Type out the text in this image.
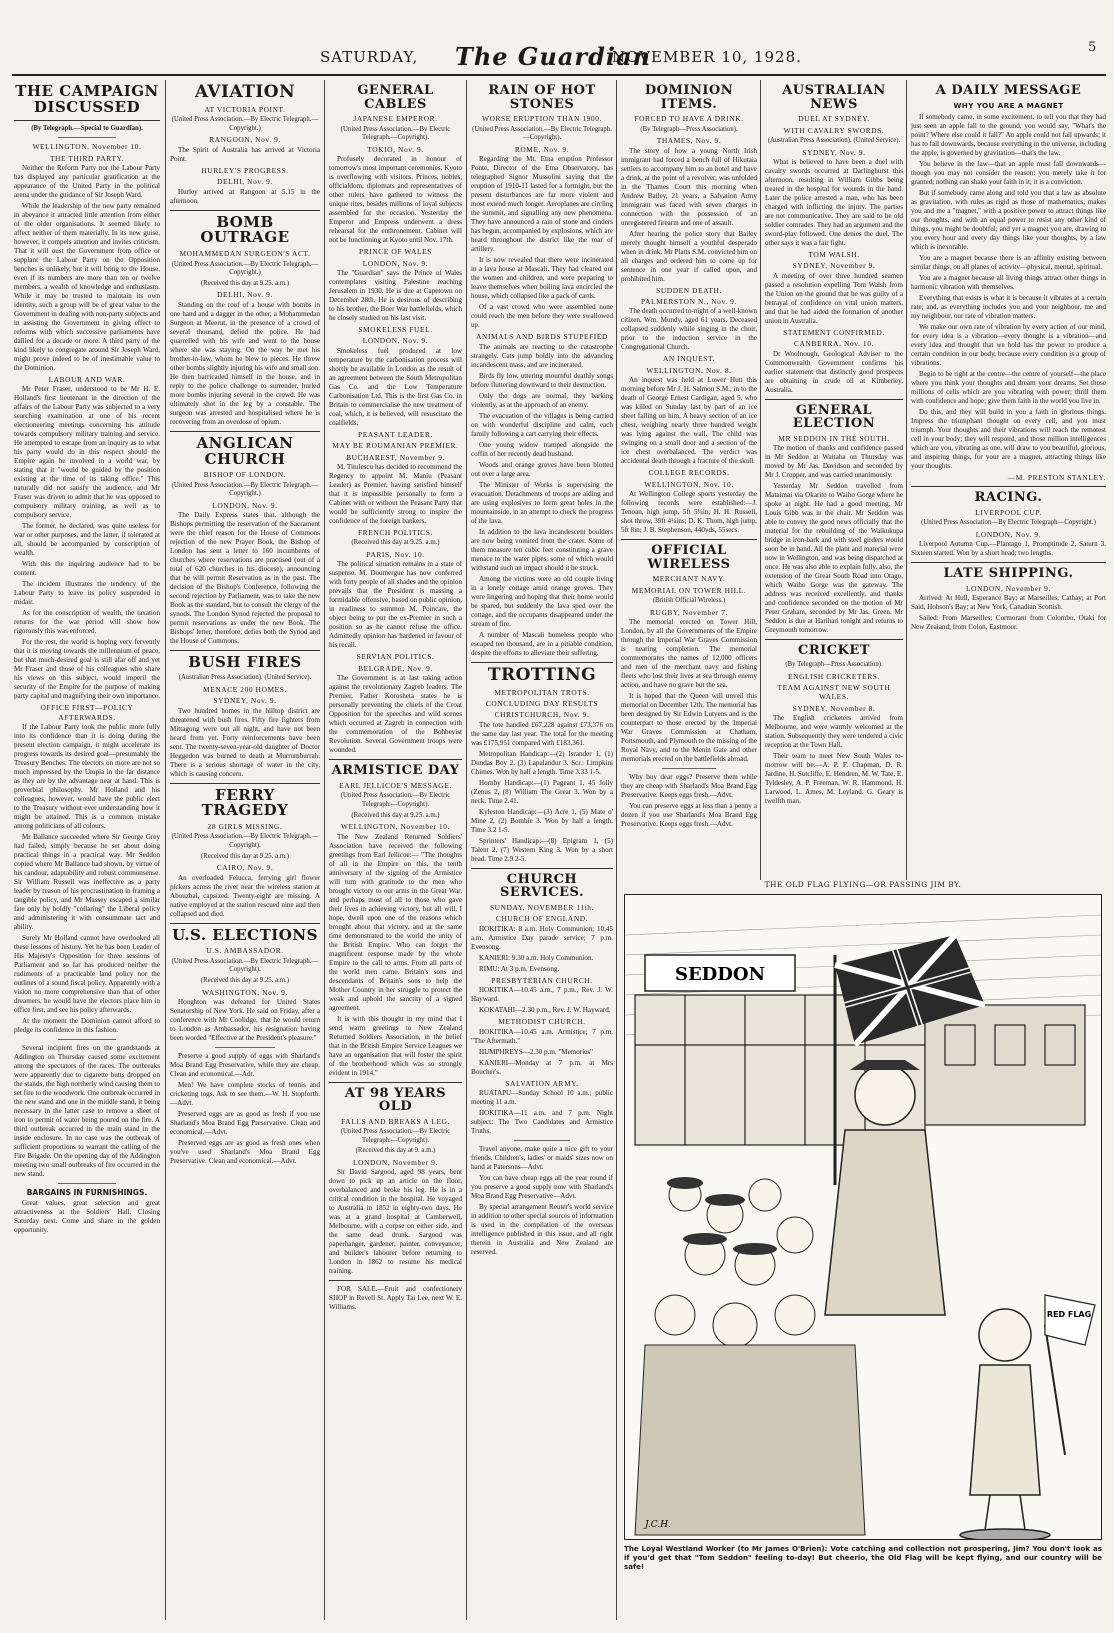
SATURDAY, The Guardian
NOVEMBER 10, 1928.
5
THE CAMPAIGN DISCUSSED
(By Telegraph.—Special to Guardian).
WELLINGTON, November 10.
THE THIRD PARTY.

Neither the Reform Party nor the Labour Party has displayed any particular gratification at the appearance of the United Party in the political arena under the guidance of Sir Joseph Ward.

While the leadership of the new party remained in abeyance it attracted little attention from either of the older organisations. It seemed likely to affect neither of them materially. In its new guise, however, it compels attention and invites criticism. That it will oust the Government from office or supplant the Labour Party on the Opposition benches is unlikely, but it will bring to the House, even if its numbers are more than ten or twelve members, a wealth of knowledge and enthusiasm. While it may be trusted to maintain its own identity, such a group will be of great value to the Government in dealing with non-party subjects and in assisting the Government in giving effect to reforms with which successive parliaments have dallied for a decade or more. A third party of the kind likely to congregate around Sir Joseph Ward, might prove indeed to be of inestimable value to the Dominion.

LABOUR AND WAR.

Mr Peter Fraser, understood to be Mr H. E. Holland's first lieutenant in the direction of the affairs of the Labour Party was subjected to a very searching examination at one of his recent electioneering meetings concerning his attitude towards compulsory military training and service. He attempted to escape from an inquiry as to what his party would do in this respect should the Empire again be involved in a world war, by stating that it "would be guided by the position existing at the time of its taking office." This naturally did not satisfy the audience, and Mr Fraser was driven to admit that he was opposed to compulsory military training, as well as to compulsory service.

The former, he declared, was quite useless for war or other purposes, and the latter, if tolerated at all, should be accompanied by conscription of wealth.

With this the inquiring audience had to be content.

The incident illustrates the tendency of the Labour Party to leave its policy suspended in midair.

As for the conscription of wealth, the taxation returns for the war period will show how rigorously this was enforced.

For the rest, the world is hoping very fervently that it is moving towards the millennium of peace, but that much-desired goal is still afar off and yet Mr Fraser and those of his colleagues who share his views on this subject, would imperil the security of the Empire for the purpose of making party capital and magnifying their own importance.

OFFICE FIRST—POLICY AFTERWARDS.

If the Labour Party took the public more fully into its confidence than it is doing during the present election campaign, it might accelerate its progress towards its desired goal—presumably the Treasury Benches. The electors on more are not so much impressed by the Utopia in the far distance as they are by the advantage near at hand. This is proverbial philosophy. Mr Holland and his colleagues, however, would have the public elect to the Treasury without ever understanding how it might be attained. This is a common mistake among politicians of all colours.

Mr Ballance succeeded where Sir George Grey had failed, simply because he set about doing practical things in a practical way. Mr Seddon copied where Mr Ballance had shown, by virtue of his candour, adaptability and robust commonsense. Sir William Russell was ineffective as a party leader by reason of his procrastination in framing a tangible policy, and Mr Massey escaped a similar fate only by boldly "collaring" the Liberal policy and administering it with consummate tact and ability.

Surely Mr Holland cannot have overlooked all these lessons of history. Yet he has been Leader of His Majesty's Opposition for three sessions of Parliament and so far has produced neither the rudiments of a practicable land policy nor the outlines of a sound fiscal policy. Apparently with a vision no more comprehensive than that of other dreamers, he would have the electors place him in office first, and see his policy afterwards.

At the moment the Dominion cannot afford to pledge its confidence in this fashion.

Several incipient fires on the grandstands at Addington on Thursday caused some excitement among the spectators of the races. The outbreaks were apparently due to cigarette butts dropped on the stands, the high northerly wind causing them to set fire to the woodwork. One outbreak occurred in the new stand and one in the middle stand, it being necessary in the latter case to remove a sheet of iron to permit of water being poured on the fire. A third outbreak occurred in the main stand in the inside enclosure. In no case was the outbreak of sufficient proportions to warrant the calling of the Fire Brigade. On the opening day of the Addington meeting two small outbreaks of fire occurred in the new stand.

BARGAINS IN FURNISHINGS.

Great values, great selection and great attractiveness at the Soldiers' Hall. Closing Saturday next. Come and share in the golden opportunity.

AVIATION
AT VICTORIA POINT.
(United Press Association.—By Electric Telegraph.—Copyright.)
RANGOON, Nov. 9.

The Spirit of Australia has arrived at Victoria Point.

HURLEY'S PROGRESS.
DELHI, Nov. 9.

Hurley arrived at Rangoon at 5.15 in the afternoon.

BOMB OUTRAGE
MOHAMMEDAN SURGEON'S ACT.
(United Press Association.—By Electric Telegraph.—Copyright.)
(Received this day at 9.25. a.m.)
DELHI, Nov. 9.

Standing on the roof of a house with bombs in one hand and a dagger in the other, a Mohammedan Surgeon at Meerut, in the presence of a crowd of several thousand, defied the police. He had quarrelled with his wife and went to the house where she was staying. On the way he met his brother-in-law, whom he blew to pieces. He threw other bombs slightly injuring his wife and small son. He then barricaded himself in the house, and in reply to the police challenge to surrender, hurled more bombs injuring several in the crowd. He was ultimately shot in the leg by a constable. The surgeon was arrested and hospitalised where he is recovering from an overdose of opium.

ANGLICAN CHURCH
BISHOP OF LONDON.
(United Press Association.—By Electric Telegraph.—Copyright.)
LONDON, Nov. 9.

The Daily Express states that, although the Bishops permitting the reservation of the Sacrament were the chief reason for the House of Commons rejection of the new Prayer Book, the Bishop of London has sent a letter to 160 incumbents of churches where reservations are practised (out of a total of 620 churches in his diocese), announcing that he will permit Reservation as in the past. The decision of the Bishop's Conference, following the second rejection by Parliament, was to take the new Book as the standard, but to consult the clergy of the synods. The London Synod rejected the proposal to permit reservations as under the new Book. The Bishops' letter, therefore, defies both the Synod and the House of Commons.

BUSH FIRES
(Australian Press Association). (United Service).
MENACE 200 HOMES.
SYDNEY, Nov. 9.

Two hundred homes in the hilltop district are threatened with bush fires. Fifty fire fighters from Mittagong were out all night, and have not been heard from yet. Forty reinforcements have been sent. The twenty-seven-year-old daughter of Doctor Heggedon was burned to death at Murrumburrah. There is a serious shortage of water in the city, which is causing concern.

FERRY TRAGEDY
28 GIRLS MISSING.
(United Press Association.—By Electric Telegraph.—Copyright).
(Received this day at 9.25. a.m.)
CAIRO, Nov. 9.

An overloaded Felucca, ferrying girl flower pickers across the river near the wireless station at Abouzbal, capsized. Twenty-eight are missing. A native employed at the station rescued nine and then collapsed and died.

U.S. ELECTIONS
U.S. AMBASSADOR.
(United Press Association.—By Electric Telegraph.—Copyright).
(Received this day at 9.25. a.m.)
WASHINGTON, Nov. 9.

Houghton was defeated for United States Senatorship of New York. He said on Friday, after a conference with Mr Coolidge, that he would return to London as Ambassador, his resignation having been worded "Effective at the President's pleasure."

Preserve a good supply of eggs with Sharland's Moa Brand Egg Preservative, while they are cheap. Clean and economical.—Adt.

Men! We have complete stocks of tennis and cricketing togs. Ask to see them.—W. H. Stopforth.—Advt.

Preserved eggs are as good as fresh if you use Sharland's Moa Brand Egg Preservative. Clean and economical.—Advt.

Preserved eggs are as good as fresh ones when you've used Sharland's Moa Brand Egg Preservative. Clean and economical.—Advt.

GENERAL CABLES
JAPANESE EMPEROR.
(United Press Association.—By Electric Telegraph.—Copyright).
TOKIO, Nov. 9.

Profusely decorated in honour of tomorrow's most important ceremonies, Kyoto is overflowing with visitors. Princes, nobles, officialdom, diplomats and representatives of other rulers have gathered to witness the unique rites, besides millions of loyal subjects assembled for the occasion. Yesterday the Emperor and Empress underwent a dress rehearsal for the enthronement. Cabinet will not be functioning at Kyoto until Nov. 17th.

PRINCE OF WALES
LONDON, Nov. 9.

The "Guardian" says the Prince of Wales contemplates visiting Palestine reaching Jerusalem in 1930. He is due at Capetown on December 28th. He is desirous of describing to his brother, the Boer War battlefields, which he closely studied on his last visit.

SMOKELESS FUEL.
LONDON, Nov. 9.

Smokeless fuel produced at low temperature by the carbonisation process will shortly be available in London as the result of an agreement between the South Metropolitan Gas Co. and the Low Temperature Carbonisation Ltd. This is the first Gas Co. in Britain to commercialise the new treatment of coal, which, it is believed, will resuscitate the coalfields.

PEASANT LEADER.
MAY BE ROUMANIAN PREMIER.
BUCHAREST, November 9.

M. Titulescu has decided to recommend the Regency to appoint M. Maniu (Peasant Leader) as Premier, having satisfied himself that it is impossible personally to form a Cabinet with or without the Peasant Party that would be sufficiently strong to inspire the confidence of the foreign bankers.

FRENCH POLITICS.
(Received this day at 9.25. a.m.)
PARIS, Nov. 10.

The political situation remains in a state of suspense. M. Doumergue has now conferred with forty people of all shades and the opinion prevails that the President is massing a formidable offensive, based on public opinion, in readiness to summon M. Poincare, the object being to put the ex-Premier in such a position so as he cannot refuse the office. Admittedly opinion has hardened in favour of his recall.

SERVIAN POLITICS.
BELGRADE, Nov. 9.

The Government is at last taking action against the revolutionary Zagreb leaders. The Premier, Father Korosheta states he is personally preventing the chiefs of the Croat Opposition for the speeches and wild scenes which occurred at Zagreb in connection with the commemoration of the Bohbevist Revolution. Several Government troops were wounded.

ARMISTICE DAY
EARL JELLICOE'S MESSAGE.
(United Press Association.—By Electric Telegraph.—Copyright).
(Received this day at 9.25. a.m.)
WELLINGTON, November 10.

The New Zealand Returned Soldiers' Association have received the following greetings from Earl Jellicoe:— "The thoughts of all in the Empire on this, the tenth anniversary of the signing of the Armistice will turn with gratitude to the men who brought victory to our arms in the Great War, and perhaps most of all to those who gave their lives in achieving victory, but all will, I hope, dwell upon one of the reasons which brought about that victory, and at the same time demonstrated to the world the unity of the British Empire. Who can forget the magnificent response made by the whole Empire to the call to arms. From all parts of the world men came. Britain's sons and descendants of Britain's sons to help the Mother Country in her struggle to protect the weak and uphold the sanctity of a signed agreement.

It is with this thought in my mind that I send warm greetings to New Zealand Returned Soldiers Association, in the belief that in the British Empire Service Leagues we have an organisation that will foster the spirit of the brotherhood which was so strongly evident in 1914."

AT 98 YEARS OLD
FALLS AND BREAKS A LEG.
(United Press Association.—By Electric Telegraph.—Copyright).
(Received this day at 9. a.m.)
LONDON, November 9.

Sir David Sargood, aged 98 years, bent down to pick up an article on the floor, overbalanced and broke his leg. He is in a critical condition in the hospital. He voyaged to Australia in 1852 in eighty-two days. He was at a grand hospital at Camberwell, Melbourne, with a corpse on either side, and the same dead drunk. Sargood was paperhanger, gardener, painter, conveyancer, and builder's labourer before returning to London in 1862 to resume his medical training.

FOR SALE.—Fruit and confectionery SHOP in Revell St. Apply Tai Lee, next W. E. Williams.

RAIN OF HOT STONES
WORSE ERUPTION THAN 1900.
(United Press Association.—By Electric Telegraph.—Copyright).
ROME, Nov. 9.

Regarding the Mt. Etna eruption Professor Ponte, Director of the Etna Observatory, has telegraphed Signor Mussolini saying that the eruption of 1910-11 lasted for a fortnight, but the present disturbances are far more violent and most extend much longer. Aeroplanes are circling the summit, and signalling any new phenomena. They have announced a rain of stone and cinders has begun, accompanied by explosions, which are heard throughout the district like the roar of artillery.

It is now revealed that there were incinerated in a lava house at Mascali. They had cleared out the women and children, and were preparing to leave themselves when boiling lava encircled the house, which collapsed like a pack of cards.

Of a vast crowd who were assembled none could reach the men before they were swallowed up.

ANIMALS AND BIRDS STUPEFIED

The animals are reacting to the catastrophe strangely. Cats jump boldly into the advancing incandescent mass, and are incinerated.

Birds fly low, uttering mournful deathly songs before fluttering downward to their destruction.

Only the dogs are normal, they barking violently, as at the approach of an enemy.

The evacuation of the villages is being carried on with wonderful discipline and calm, each family following a cart carrying their effects.

One young widow tramped alongside the coffin of her recently dead husband.

Woods and orange groves have been blotted out over a large area.

The Minister of Works is supervising the evacuation. Detachments of troops are aiding and are using explosives to form great holes in the mountainside, in an attempt to check the progress of the lava.

In addition to the lava incandescent boulders are now being vomited from the crater. Some of them measure ten cubic feet constituting a grave menace to the water pipes, some of which would withstand such an impact should it be struck.

Among the victims were an old couple living in a lonely cottage amid orange groves. They were lingering and hoping that their home would be spared, but suddenly the lava sped over the cottage, and the occupants disappeared under the stream of fire.

A number of Mascali homeless people who escaped ten thousand, are in a pitiable condition, despite the efforts to alleviate their suffering.

TROTTING
METROPOLITAN TROTS.
CONCLUDING DAY RESULTS
CHRISTCHURCH, Nov. 9.

The tote handled £67,228 against £73,376 on the same day last year. The total for the meeting was £175,951 compared with £183,361.

Metropolitan Handicap:—(2) Isrander 1, (1) Dundas Boy 2, (3) Lapalandur 3. Scr.: Limpkini Chimes. Won by half a length. Time 3.33 1-5.

Hornby Handicap:—(1) Pageant 1, 45 Jolly (Zenus 2, (8) William The Great 3. Won by a neck. Time 2.41.

Kyleston Handicap:—(3) Acre 1, (5) Mate o' Mine 2, (2) Bombie 3. Won by half a length. Time 3.2 1-5.

Sprinters' Handicap:—(8) Epigram 1, (5) Talent 2, (7) Western King 3. Won by a short head. Time 2.9 2-5.

CHURCH SERVICES.
SUNDAY, NOVEMBER 11th.
CHURCH OF ENGLAND.

HOKITIKA: 8 a.m. Holy Communion; 10.45 a.m. Armistice Day parade service; 7 p.m. Evensong.

KANIERI: 9.30 a.m. Holy Communion.

RIMU: At 3 p.m. Evensong.

PRESBYTERIAN CHURCH.

HOKITIKA—10.45 a.m., 7 p.m., Rev. J. W. Hayward.

KOKATAHI—2.30 p.m., Rev. J. W. Hayward.

METHODIST CHURCH.

HOKITIKA—10.45 a.m. Armistice; 7 p.m. "The Aftermath."

HUMPHREYS—2.30 p.m. "Memories"

KANIERI—Monday at 7 p.m. at Mrs Boucher's.

SALVATION ARMY.

RUATAPU—Sunday School 10 a.m.; public meeting 11 a.m.

HOKITIKA—11 a.m. and 7 p.m. Night subject: The Two Candidates and Armistice Truths.

Travel anyone, make quite a nice gift to your friends. Children's, ladies' or maids' sizes now on hand at Patersons—Advt.

You can have cheap eggs all the year round if you preserve a good supply now with Sharland's Moa Brand Egg Preservative—Advt.

By special arrangement Reuter's world service in addition to other special sources of information is used in the compilation of the overseas intelligence published in this issue, and all right therein in Australia and New Zealand are reserved.

DOMINION ITEMS.
FORCED TO HAVE A DRINK.
(By Telegraph—Press Association).
THAMES, Nov. 9.

The story of how a young North Irish immigrant had forced a bench full of Hikutaia settlers to accompany him to an hotel and have a drink, at the point of a revolver, was unfolded in the Thames Court this morning when Andrew Bailey, 21 years, a Salvation Army immigrant was faced with seven charges in connection with the possession of an unregistered firearm and one of assault.

After hearing the police story that Bailey merely thought himself a youthful desperado when in drink, Mr Platts S.M. convicted him on all charges and ordered him to come up for sentence in one year if called upon, and prohibited him.

SUDDEN DEATH.
PALMERSTON N., Nov. 9.

The death occurred to-night of a well-known citizen, Wm. Mundy, aged 61 years. Deceased collapsed suddenly while singing in the choir, prior to the induction service in the Congregational Church.

AN INQUEST.
WELLINGTON, Nov. 8.

An inquest was held at Lower Hutt this morning before Mr J. H. Salmon S.M., in to the death of George Ernest Cardigan, aged 5, who was killed on Sunday last by part of an ice sheet falling on him. A heavy section of an ice chest, weighing nearly three hundred weight was lying against the wall. The child was swinging on a small door and a section of the ice chest overbalanced. The verdict was accidental death through a fracture of the skull.

COLLEGE RECORDS.
WELLINGTON, Nov. 10.

At Wellington College sports yesterday the following records were established:—J. Tenoan, high jump, 5ft 5¼in; H. H. Russell, shot throw, 39ft 4¼ins; D. K. Thom, high jump, 5ft 8in; J. B. Stephenson, 440yds, 55secs.

OFFICIAL WIRELESS
MERCHANT NAVY.
MEMORIAL ON TOWER HILL.
(British Official Wireless.)
RUGBY, November 7.

The memorial erected on Tower Hill, London, by all the Governments of the Empire through the Imperial War Graves Commission is nearing completion. The memorial commemorates the names of 12,000 officers and men of the merchant navy and fishing fleets who lost their lives at sea through enemy action, and have no grave but the sea.

It is hoped that the Queen will unveil this memorial on December 12th. The memorial has been designed by Sir Edwin Lutyens and is the counterpart to those erected by the Imperial War Graves Commission at Chatham, Portsmouth, and Plymouth to the missing of the Royal Navy, and to the Menin Gate and other memorials erected on the battlefields abroad.

Why buy dear eggs? Preserve them while they are cheap with Sharland's Moa Brand Egg Preservative. Keeps eggs fresh.—Advt.

You can preserve eggs at less than a penny a dozen if you use Sharland's Moa Brand Egg Preservative. Keeps eggs fresh.—Advt.

AUSTRALIAN NEWS
DUEL AT SYDNEY.
WITH CAVALRY SWORDS.
(Australian Press Association). (United Service).
SYDNEY, Nov. 9.

What is believed to have been a duel with cavalry swords occurred at Darlinghurst this afternoon, resulting in William Gibbs being treated in the hospital for wounds in the hand. Later the police arrested a man, who has been charged with inflicting the injury. The parties are not communicative. They are said to be old soldier comrades. They had an argument and the sword-play followed. One denies the duel. The other says it was a fair fight.

TOM WALSH.
SYDNEY, November 9.

A meeting of over three hundred seamen passed a resolution expelling Tom Walsh from the Union on the ground that he was guilty of a betrayal of confidence on vital union matters, and that he had aided the formation of another union in Australia.

STATEMENT CONFIRMED.
CANBERRA, Nov. 10.

Dr Woolnough, Geological Adviser to the Commonwealth Government confirms his earlier statement that distinctly good prospects are obtaining in crude oil at Kimberley, Australia.

GENERAL ELECTION
MR SEDDON IN THE SOUTH.

The motion of thanks and confidence passed in Mr Seddon at Waitaha on Thursday was moved by Mr Jas. Davidson and seconded by Mr J. Cropper, and was carried unanimously.

Yesterday Mr Seddon travelled from Mataimai via Okarito to Waiho Gorge where he spoke at night. He had a good meeting. Mr Louis Gibb was in the chair. Mr Seddon was able to convey the good news officially that the material for the rebuilding of the Waikukupa bridge in iron-bark and with steel girders would soon be in hand. All the plant and material were now in Wellington, and was being dispatched at once. He was also able to explain fully, also, the extension of the Great South Road into Otago, which Waiho Gorge was the gateway. The address was received excellently, and thanks and confidence seconded on the motion of Mr Peter Graham, seconded by Mr Jas. Green. Mr Seddon is due at Harihari tonight and returns to Greymouth tomorrow.

CRICKET
(By Telegraph—Press Association).
ENGLISH CRICKETERS.
TEAM AGAINST NEW SOUTH WALES.
SYDNEY, November 8.

The English cricketers arrived from Melbourne, and were warmly welcomed at the station. Subsequently they were tendered a civic reception at the Town Hall.

Their team to meet New South Wales to-morrow will be:—A. P. F. Chapman, D. R. Jardine, H. Sutcliffe, E. Hendren, M. W. Tate, E. Tyldesley, A. P. Freeman, W. R. Hammond, H. Larwood, L. Ames, M. Leyland. G. Geary is twelfth man.

A DAILY MESSAGE
WHY YOU ARE A MAGNET

If somebody came, in some excitement, to tell you that they had just seen an apple fall to the ground, you would say, "What's the point? Where else could it fall?" An apple could not fall upwards; it has to fall downwards, because everything in the universe, including the apple, is governed by gravitation—that's the law.

You believe in the law—that an apple must fall downwards—though you may not consider the reason; you merely take it for granted; nothing can shake your faith in it; it is a conviction.

But if somebody came along and told you that a law as absolute as gravitation, with rules as rigid as those of mathematics, makes you and me a "magnet," with a positive power to attract things like our thoughts, and with an equal power to resist any other kind of things, you might be doubtful; and yet a magnet you are, drawing to you every hour and every day things like your thoughts, by a law which is inexorable.

You are a magnet because there is an affinity existing between similar things, on all planes of activity—physical, mental, spiritual.

You are a magnet because all living things attract other things in harmonic vibration with themselves.

Everything that exists is what it is because it vibrates at a certain rate; and, as everything includes you and your neighbour, me and my neighbour, our rate of vibration matters.

We make our own rate of vibration by every action of our mind, for every idea is a vibration—every thought is a vibration—and every idea and thought that we hold has the power to produce a certain condition in our body, because every condition is a group of vibrations.

Begin to be right at the centre—the centre of yourself—the place where you think your thoughts and dream your dreams. Set those millions of cells which are you vibrating with power; thrill them with confidence and hope; give them faith in the world you live in.

Do this, and they will build in you a faith in glorious things. Impress the triumphant thought on every cell, and you must triumph. Your thoughts and their vibrations will reach the remotest cell in your body; they will respond, and those million intelligences which are you, vibrating as one, will draw to you beautiful, glorious, and inspiring things, for your are a magnet, attracting things like your thoughts.

—M. PRESTON STANLEY.
RACING.
LIVERPOOL CUP.
(United Press Association—By Electric Telegraph—Copyright.)
LONDON, Nov. 9.

Liverpool Autumn Cup.—Plantago 1, Promptitude 2, Saturn 3. Sixteen started. Won by a short head; two lengths.

LATE SHIPPING.
LONDON, November 9.

Arrived: At Hull, Esperance Bay; at Marseilles, Cathay; at Port Said, Hobson's Bay; at New York, Canadian Scottish.

Sailed: From Marseilles; Cormorant from Colombo, Otaki for New Zealand; from Colon, Eastmoor.

THE OLD FLAG FLYING—OR PASSING JIM BY.
SEDDON
RED FLAG
J.C.H.
The Loyal Westland Worker (to Mr James O'Brien): Vote catching and collection not prospering, Jim? You don't look as if you'd get that "Tom Seddon" feeling to-day! But cheerio, the Old Flag will be kept flying, and our country will be safe!
